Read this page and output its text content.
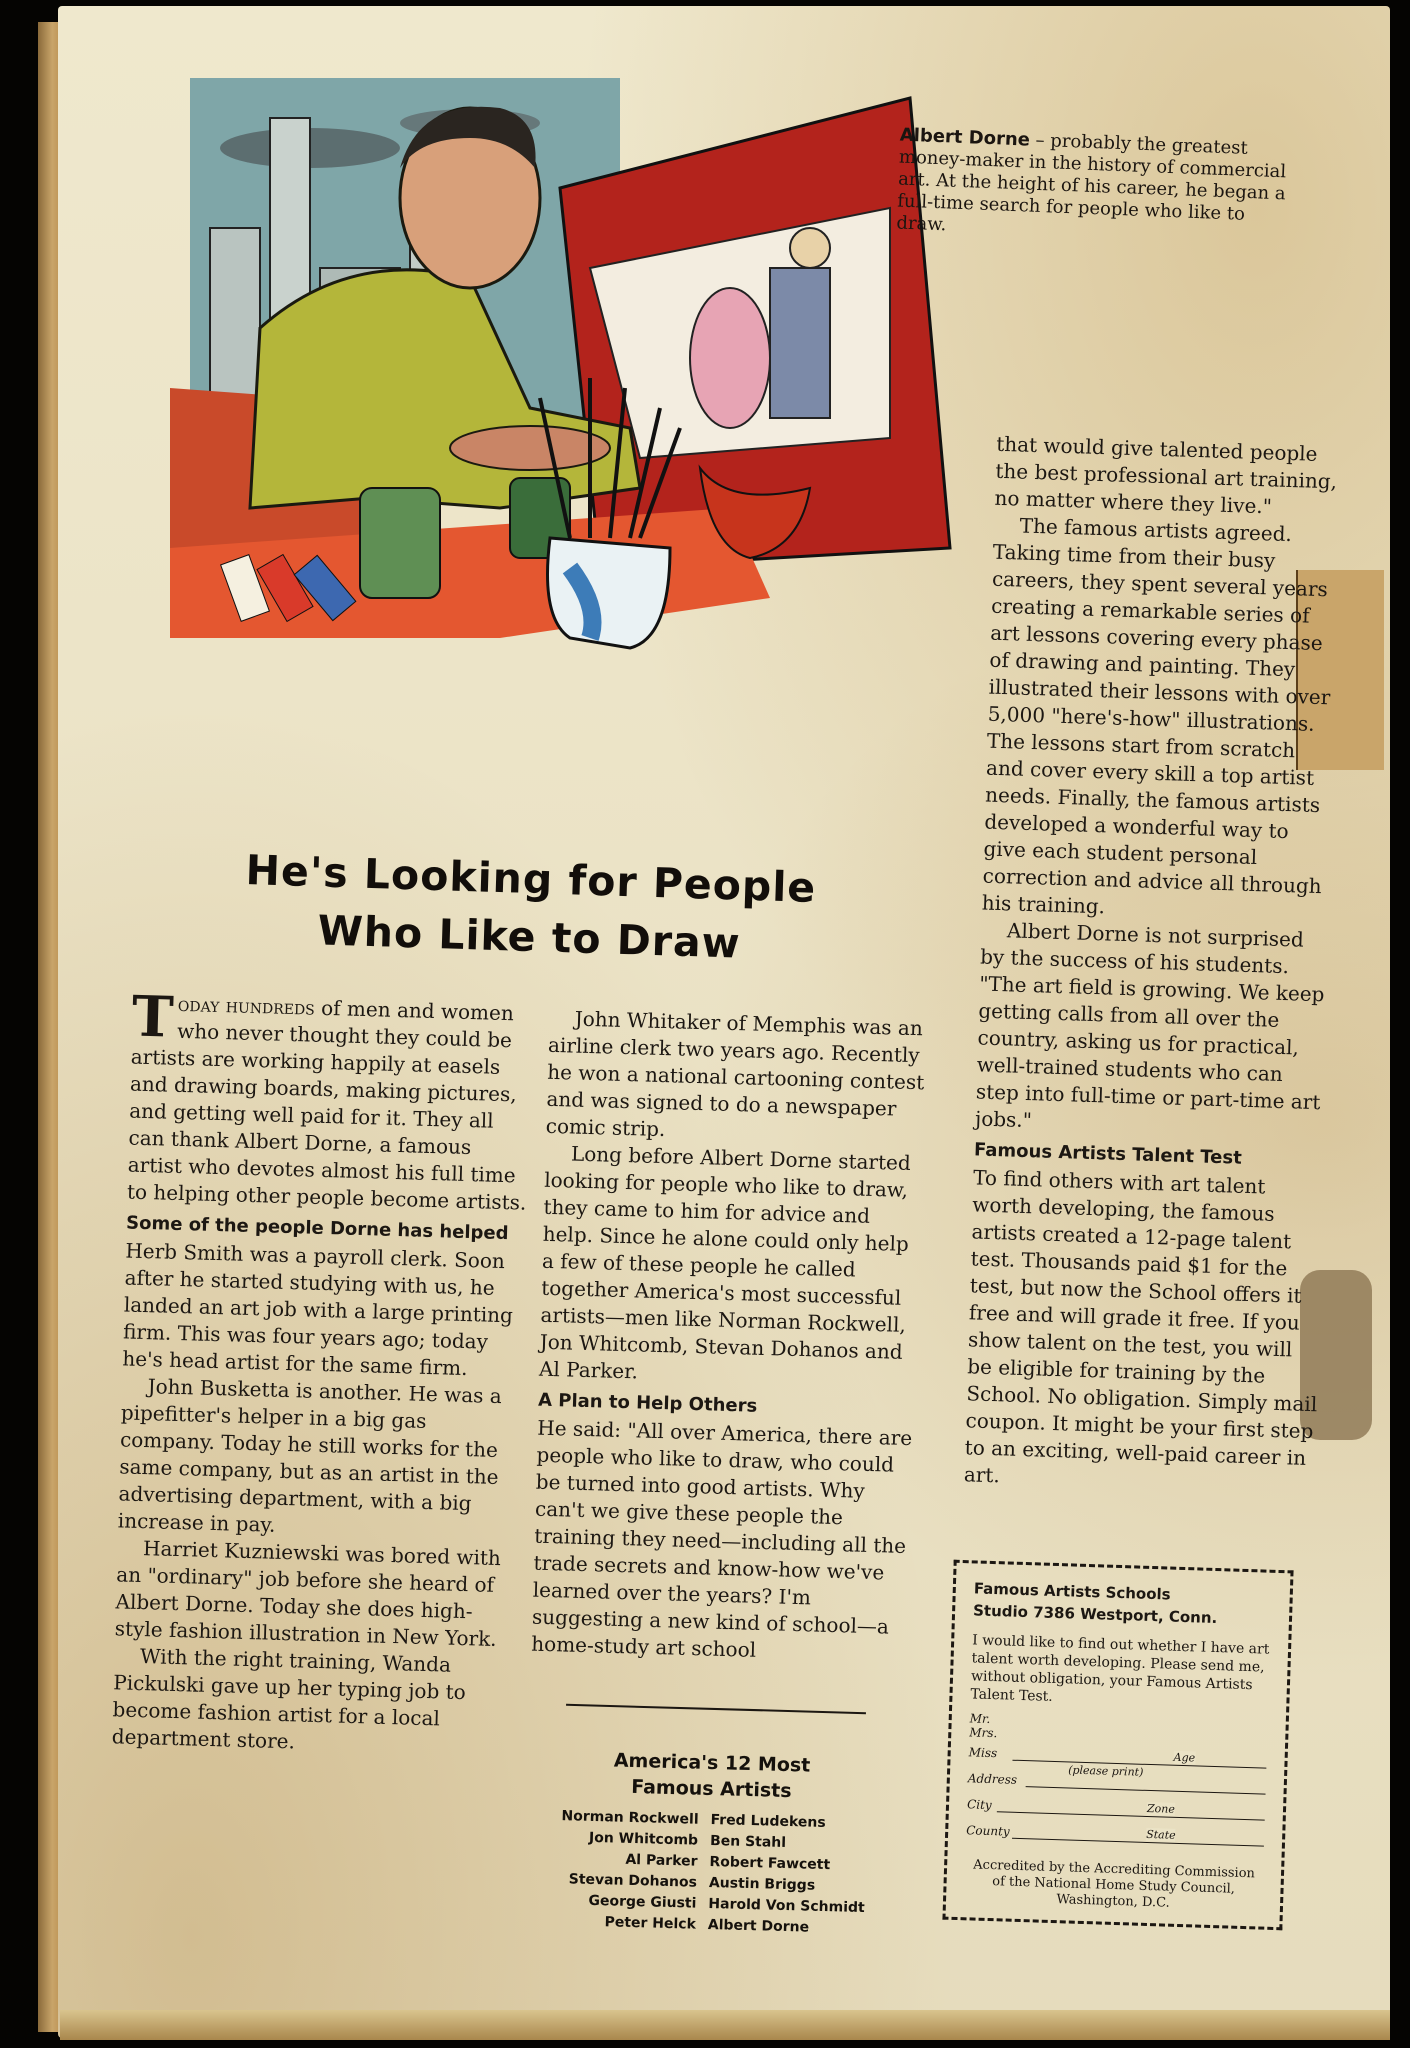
Albert Dorne – probably the greatest money-maker in the history of commercial art. At the height of his career, he began a full-time search for people who like to draw.
He's Looking for People
Who Like to Draw

Today hundreds of men and women who never thought they could be artists are working happily at easels and drawing boards, making pictures, and getting well paid for it. They all can thank Albert Dorne, a famous artist who devotes almost his full time to helping other people become artists.

Some of the people Dorne has helped

Herb Smith was a payroll clerk. Soon after he started studying with us, he landed an art job with a large printing firm. This was four years ago; today he's head artist for the same firm.

John Busketta is another. He was a pipefitter's helper in a big gas company. Today he still works for the same company, but as an artist in the advertising department, with a big increase in pay.

Harriet Kuzniewski was bored with an "ordinary" job before she heard of Albert Dorne. Today she does high-style fashion illustration in New York.

With the right training, Wanda Pickulski gave up her typing job to become fashion artist for a local department store.

John Whitaker of Memphis was an airline clerk two years ago. Recently he won a national cartooning contest and was signed to do a newspaper comic strip.

Long before Albert Dorne started looking for people who like to draw, they came to him for advice and help. Since he alone could only help a few of these people he called together America's most successful artists—men like Norman Rockwell, Jon Whitcomb, Stevan Dohanos and Al Parker.

A Plan to Help Others

He said: "All over America, there are people who like to draw, who could be turned into good artists. Why can't we give these people the training they need—including all the trade secrets and know-how we've learned over the years? I'm suggesting a new kind of school—a home-study art school

America's 12 Most
Famous Artists
Norman Rockwell
Jon Whitcomb
Al Parker
Stevan Dohanos
George Giusti
Peter Helck
Fred Ludekens
Ben Stahl
Robert Fawcett
Austin Briggs
Harold Von Schmidt
Albert Dorne

that would give talented people the best professional art training, no matter where they live."

The famous artists agreed. Taking time from their busy careers, they spent several years creating a remarkable series of art lessons covering every phase of drawing and painting. They illustrated their lessons with over 5,000 "here's-how" illustrations. The lessons start from scratch and cover every skill a top artist needs. Finally, the famous artists developed a wonderful way to give each student personal correction and advice all through his training.

Albert Dorne is not surprised by the success of his students. "The art field is growing. We keep getting calls from all over the country, asking us for practical, well-trained students who can step into full-time or part-time art jobs."

Famous Artists Talent Test

To find others with art talent worth developing, the famous artists created a 12-page talent test. Thousands paid $1 for the test, but now the School offers it free and will grade it free. If you show talent on the test, you will be eligible for training by the School. No obligation. Simply mail coupon. It might be your first step to an exciting, well-paid career in art.

Famous Artists Schools
Studio 7386 Westport, Conn.
I would like to find out whether I have art talent worth developing. Please send me, without obligation, your Famous Artists Talent Test.
Mr.
Mrs.
Miss
(please print)
Age
Address
City	Zone
County	State
Accredited by the Accrediting Commission of the National Home Study Council, Washington, D.C.
